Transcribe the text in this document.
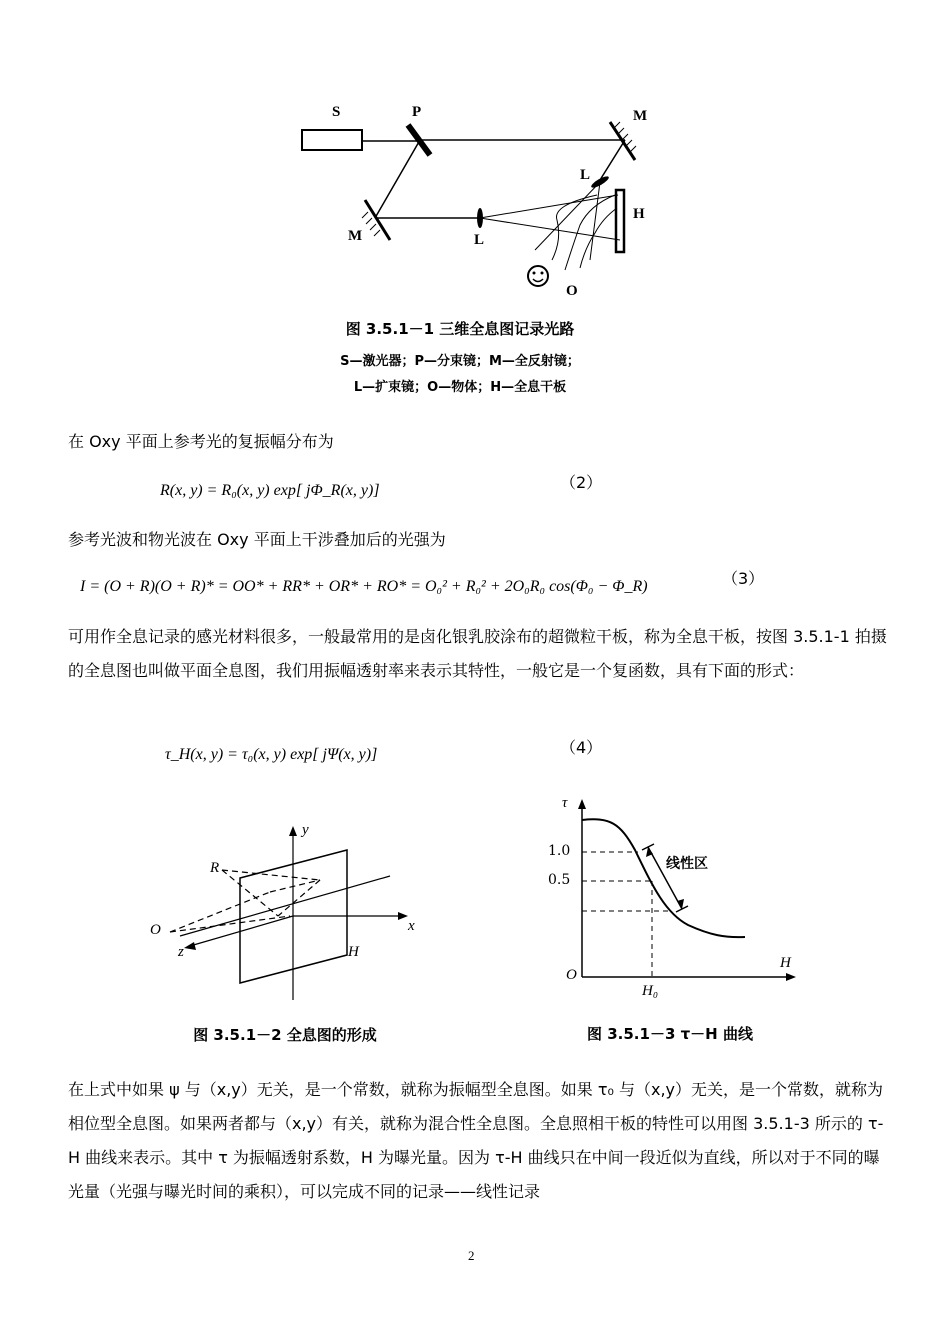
S	P	M
M
L
L
H
O
图 3.5.1－1 三维全息图记录光路
S—激光器；P—分束镜；M—全反射镜；
L—扩束镜；O—物体；H—全息干板
在 Oxy 平面上参考光的复振幅分布为
R(x, y) = R₀(x, y) exp[ jΦ_R(x, y)]	（2）
参考光波和物光波在 Oxy 平面上干涉叠加后的光强为
I = (O + R)(O + R)* = OO* + RR* + OR* + RO* = O₀² + R₀² + 2O₀R₀ cos(Φ₀ − Φ_R)	（3）
可用作全息记录的感光材料很多，一般最常用的是卤化银乳胶涂布的超微粒干板，称为全息干板，按图 3.5.1-1 拍摄的全息图也叫做平面全息图，我们用振幅透射率来表示其特性，一般它是一个复函数，具有下面的形式：
τ_H(x, y) = τ₀(x, y) exp[ jΨ(x, y)]	（4）
y
x
z
R
O
H
图 3.5.1－2 全息图的形成
τ
1.0
0.5
O
H
H₀
线性区
图 3.5.1－3 τ－H 曲线
在上式中如果 ψ 与（x,y）无关，是一个常数，就称为振幅型全息图。如果 τ₀ 与（x,y）无关，是一个常数，就称为相位型全息图。如果两者都与（x,y）有关，就称为混合性全息图。全息照相干板的特性可以用图 3.5.1-3 所示的 τ-H 曲线来表示。其中 τ 为振幅透射系数，H 为曝光量。因为 τ-H 曲线只在中间一段近似为直线，所以对于不同的曝光量（光强与曝光时间的乘积），可以完成不同的记录——线性记录
2
